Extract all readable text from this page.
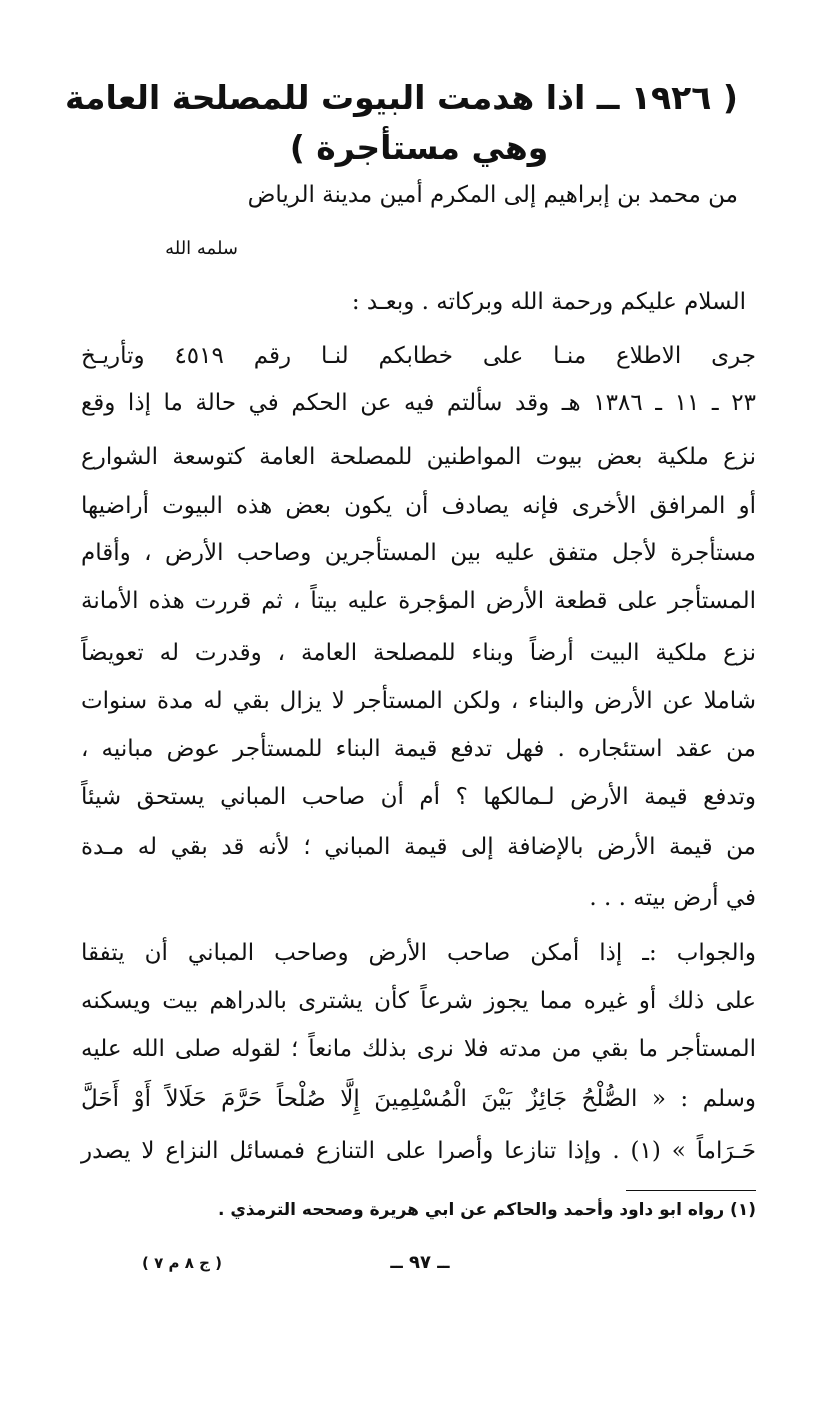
( ١٩٢٦ ــ اذا هدمت البيوت للمصلحة العامة
وهي مستأجرة )
من محمد بن إبراهيم إلى المكرم أمين مدينة الرياض
سلمه الله
السلام عليكم ورحمة الله وبركاته . وبعـد :
جرى الاطلاع منـا على خطابكم لنـا رقم ٤٥١٩ وتأريـخ
٢٣ ـ ١١ ـ ١٣٨٦ هـ وقد سألتم فيه عن الحكم في حالة ما إذا وقع
نزع ملكية بعض بيوت المواطنين للمصلحة العامة كتوسعة الشوارع
أو المرافق الأخرى فإنه يصادف أن يكون بعض هذه البيوت أراضيها
مستأجرة لأجل متفق عليه بين المستأجرين وصاحب الأرض ، وأقام
المستأجر على قطعة الأرض المؤجرة عليه بيتاً ، ثم قررت هذه الأمانة
نزع ملكية البيت أرضاً وبناء للمصلحة العامة ، وقدرت له تعويضاً
شاملا عن الأرض والبناء ، ولكن المستأجر لا يزال بقي له مدة سنوات
من عقد استئجاره . فهل تدفع قيمة البناء للمستأجر عوض مبانيه ،
وتدفع قيمة الأرض لـمالكها ؟ أم أن صاحب المباني يستحق شيئاً
من قيمة الأرض بالإضافة إلى قيمة المباني ؛ لأنه قد بقي له مـدة
في أرض بيته . . .
والجواب :ـ إذا أمكن صاحب الأرض وصاحب المباني أن يتفقا
على ذلك أو غيره مما يجوز شرعاً كأن يشترى بالدراهم بيت ويسكنه
المستأجر ما بقي من مدته فلا نرى بذلك مانعاً ؛ لقوله صلى الله عليه
وسلم : « الصُّلْحُ جَائِزٌ بَيْنَ الْمُسْلِمِينَ إِلَّا صُلْحاً حَرَّمَ حَلَالاً أَوْ أَحَلَّ
حَـرَاماً » (١) . وإذا تنازعا وأصرا على التنازع فمسائل النزاع لا يصدر
(١) رواه ابو داود وأحمد والحاكم عن ابي هريرة وصححه الترمذي .
ــ ٩٧ ــ
( ج ٨ م ٧ )
